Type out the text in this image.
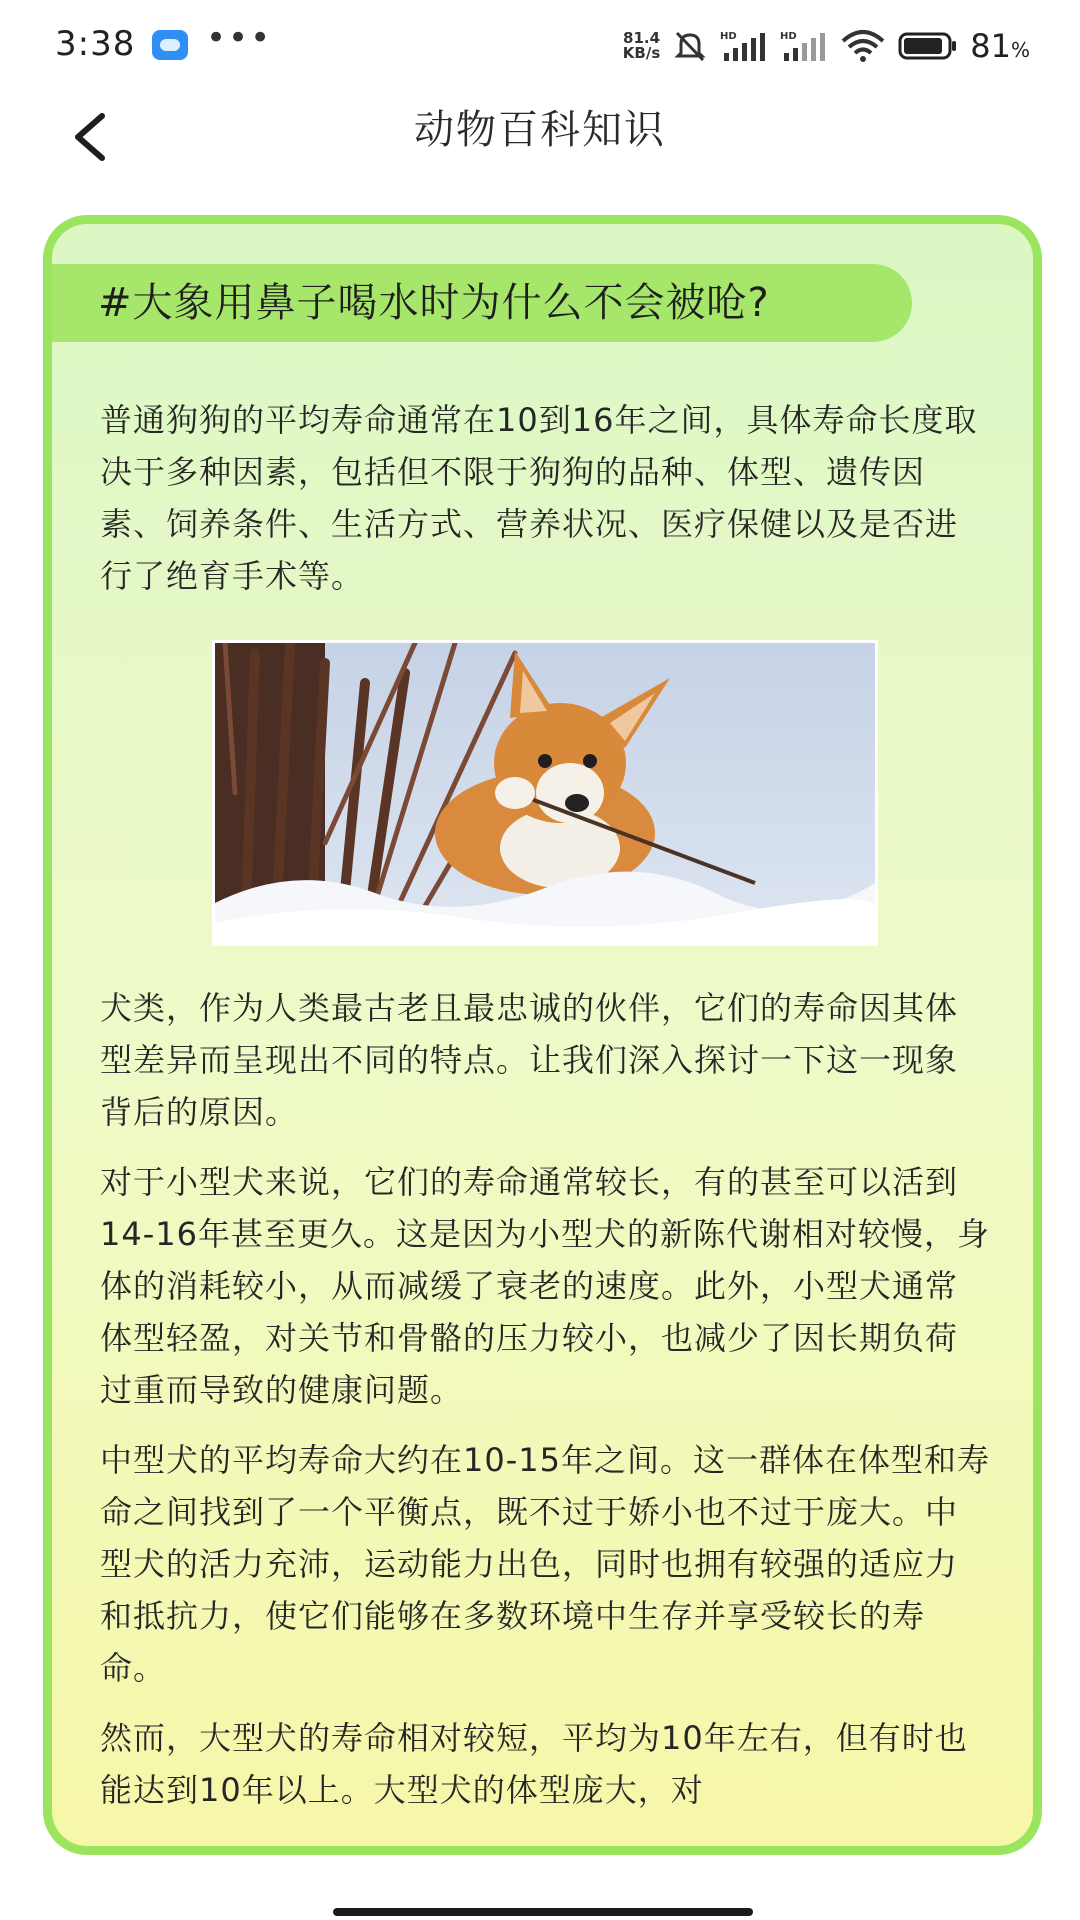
3:38 •••	81.4
KB/s
HD	HD	81%
动物百科知识
#大象用鼻子喝水时为什么不会被呛?

普通狗狗的平均寿命通常在10到16年之间，具体寿命长度取决于多种因素，包括但不限于狗狗的品种、体型、遗传因素、饲养条件、生活方式、营养状况、医疗保健以及是否进行了绝育手术等。

犬类，作为人类最古老且最忠诚的伙伴，它们的寿命因其体型差异而呈现出不同的特点。让我们深入探讨一下这一现象背后的原因。

对于小型犬来说，它们的寿命通常较长，有的甚至可以活到14-16年甚至更久。这是因为小型犬的新陈代谢相对较慢，身体的消耗较小，从而减缓了衰老的速度。此外，小型犬通常体型轻盈，对关节和骨骼的压力较小，也减少了因长期负荷过重而导致的健康问题。

中型犬的平均寿命大约在10-15年之间。这一群体在体型和寿命之间找到了一个平衡点，既不过于娇小也不过于庞大。中型犬的活力充沛，运动能力出色，同时也拥有较强的适应力和抵抗力，使它们能够在多数环境中生存并享受较长的寿命。

然而，大型犬的寿命相对较短，平均为10年左右，但有时也能达到10年以上。大型犬的体型庞大，对
